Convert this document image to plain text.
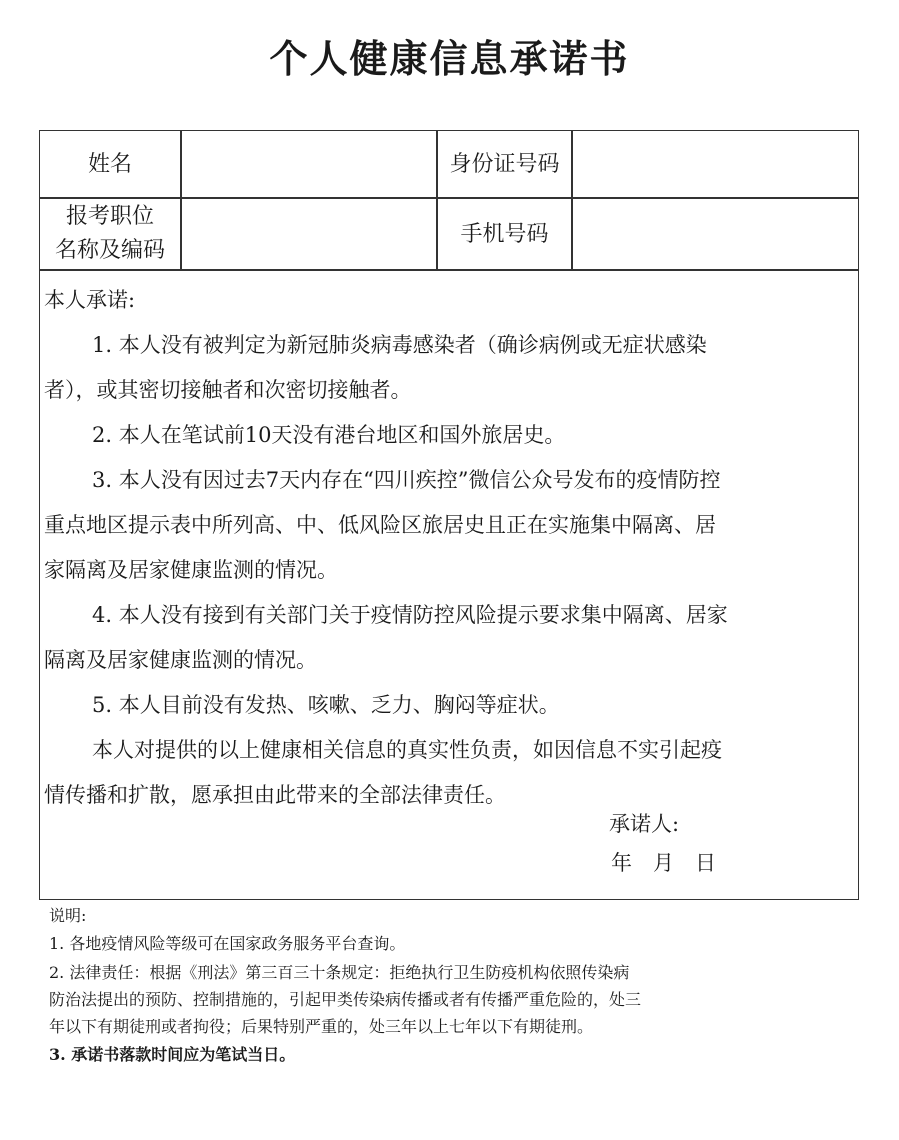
个人健康信息承诺书
姓名	身份证号码
报考职位
名称及编码
手机号码
本人承诺:
1. 本人没有被判定为新冠肺炎病毒感染者（确诊病例或无症状感染
者），或其密切接触者和次密切接触者。
2. 本人在笔试前10天没有港台地区和国外旅居史。
3. 本人没有因过去7天内存在“四川疾控”微信公众号发布的疫情防控
重点地区提示表中所列高、中、低风险区旅居史且正在实施集中隔离、居
家隔离及居家健康监测的情况。
4. 本人没有接到有关部门关于疫情防控风险提示要求集中隔离、居家
隔离及居家健康监测的情况。
5. 本人目前没有发热、咳嗽、乏力、胸闷等症状。
本人对提供的以上健康相关信息的真实性负责，如因信息不实引起疫
情传播和扩散，愿承担由此带来的全部法律责任。
承诺人:
年　月　日
说明:
1. 各地疫情风险等级可在国家政务服务平台查询。
2. 法律责任：根据《刑法》第三百三十条规定：拒绝执行卫生防疫机构依照传染病
防治法提出的预防、控制措施的，引起甲类传染病传播或者有传播严重危险的，处三
年以下有期徒刑或者拘役；后果特别严重的，处三年以上七年以下有期徒刑。
3. 承诺书落款时间应为笔试当日。
